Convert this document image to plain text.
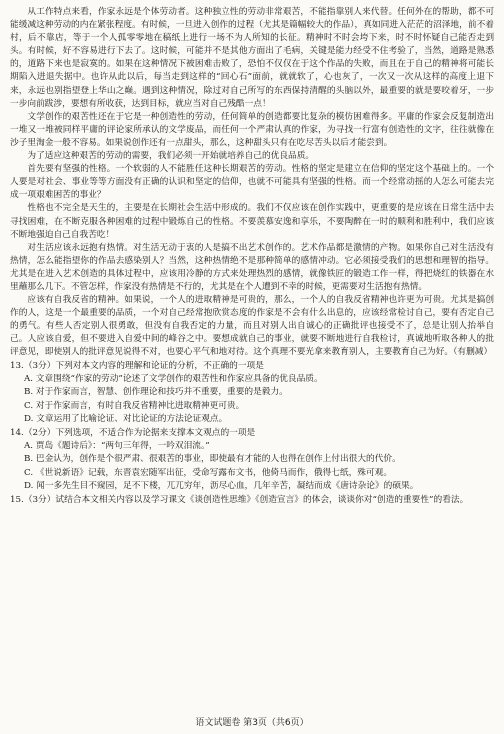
从工作特点来看，作家永远是个体劳动者。这种独立性的劳动非常艰苦，不能指靠别人来代替。任何外在的帮助，都不可能缓减这种劳动的内在紧张程度。有时候，一旦进入创作的过程（尤其是篇幅较大的作品），真如同进入茫茫的沼泽地，前不着村，后不靠店，等于一个人孤零零地在稿纸上进行一场不为人所知的长征。精神时不时会垮下来，时不时怀疑自己能否走到头。有时候，好不容易进行下去了。这时候，可能并不是其他方面出了毛病，关键是能力经受不住考验了，当然，道路是熟悉的，道路下来也是寂寞的。如果在这种情况下被困难击败了，恐怕不仅仅在于这个作品的失败，而且在于自己的精神将可能长期陷入进退失据中。也许从此以后，每当走到这样的“回心石”面前，就就软了，心也灰了，一次又一次从这样的高度上退下来，永远也别指望登上华山之巅。遇到这种情况，除过对自己所写的东西保持清醒的头脑以外，最重要的就是要咬着牙，一步一步向前跋涉，要想有所收获，达到目标，就应当对自己残酷一点！

文学创作的艰苦性还在于它是一种创造性的劳动，任何简单的创造都要比复杂的模仿困难得多。平庸的作家会反复制造出一堆又一堆被同样平庸的评论家所承认的文学废品，而任何一个严肃认真的作家，为寻找一行富有创造性的文字，往往就像在沙子里淘金一般不容易。如果说创作还有一点甜头，那么，这种甜头只有在吃尽苦头以后才能尝到。

为了适应这种艰苦的劳动的需要，我们必须一开始就培养自己的优良品质。

首先要有坚强的性格。一个软弱的人不能胜任这种长期艰苦的劳动。性格的坚定是建立在信仰的坚定这个基础上的。一个人要是对社会、事业等等方面没有正确的认识和坚定的信仰，也就不可能具有坚强的性格。而一个经常动摇的人怎么可能去完成一项艰难困苦的事业？

性格也不完全是天生的，主要是在长期社会生活中形成的。我们不仅应该在创作实践中，更重要的是应该在日常生活中去寻找困难，在不断克服各种困难的过程中锻炼自己的性格。不要羡慕安逸和享乐，不要陶醉在一时的顺利和胜利中，我们应该不断地强迫自己自我苦吃！

对生活应该永远抱有热情。对生活无动于衷的人是搞不出艺术创作的。艺术作品都是激情的产物。如果你自己对生活没有热情，怎么能指望你的作品去感染别人？当然，这种热情绝不是那种简单的感情冲动。它必须接受我们的思想和理智的指导。尤其是在进入艺术创造的具体过程中，应该用冷静的方式来处理热烈的感情，就像铁匠的锻造工作一样，得把烧红的铁器在水里蘸那么几下。不管怎样，作家没有热情是不行的，尤其是在个人遭到不幸的时候，更需要对生活抱有热情。

应该有自我反省的精神。如果说，一个人的进取精神是可贵的，那么，一个人的自我反省精神也许更为可贵。尤其是搞创作的人，这是一个最重要的品质，一个对自己经常抱欣赏态度的作家是不会有什么出息的，应该经常检讨自己，要有否定自己的勇气。有些人否定别人很勇敢，但没有自我否定的力量，而且对别人出自诚心的正确批评也接受不了，总是让别人抬举自己。人应该自爱，但不要进入自爱中间的峰谷之中。要想成就自己的事业，就要不断地进行自我检讨，真诚地听取各种人的批评意见，即使别人的批评意见说得不对，也要心平气和地对待。这个真理不要光拿来教育别人，主要教育自己为好。（有删减）

13.（3分）下列对本文内容的理解和论证的分析，不正确的一项是

A. 文章围绕“作家的劳动”论述了文学创作的艰苦性和作家应具备的优良品质。

B. 对于作家而言，智慧、创作理论和技巧并不重要，重要的是毅力。

C. 对于作家而言，有时自我反省精神比进取精神更可贵。

D. 文章运用了比喻论证、对比论证的方法论证观点。

14.（2分）下列选项，不适合作为论据来支撑本文观点的一项是

A. 贾岛《题诗后》：“两句三年得，一吟双泪流。”

B. 巴金认为，创作是个很严肃、很艰苦的事业，即使最有才能的人也得在创作上付出很大的代价。

C. 《世说新语》记载，东晋袁宏随军出征，受命写露布文书，他倚马而作，俄得七纸，殊可观。

D. 闻一多先生目不窥园，足不下楼，兀兀穷年，沥尽心血，几年辛苦，凝结而成《唐诗杂论》的硕果。

15.（3分）试结合本文相关内容以及学习课文《谈创造性思维》《创造宣言》的体会，谈谈你对“创造的重要性”的看法。

语文试题卷 第3页（共6页）
